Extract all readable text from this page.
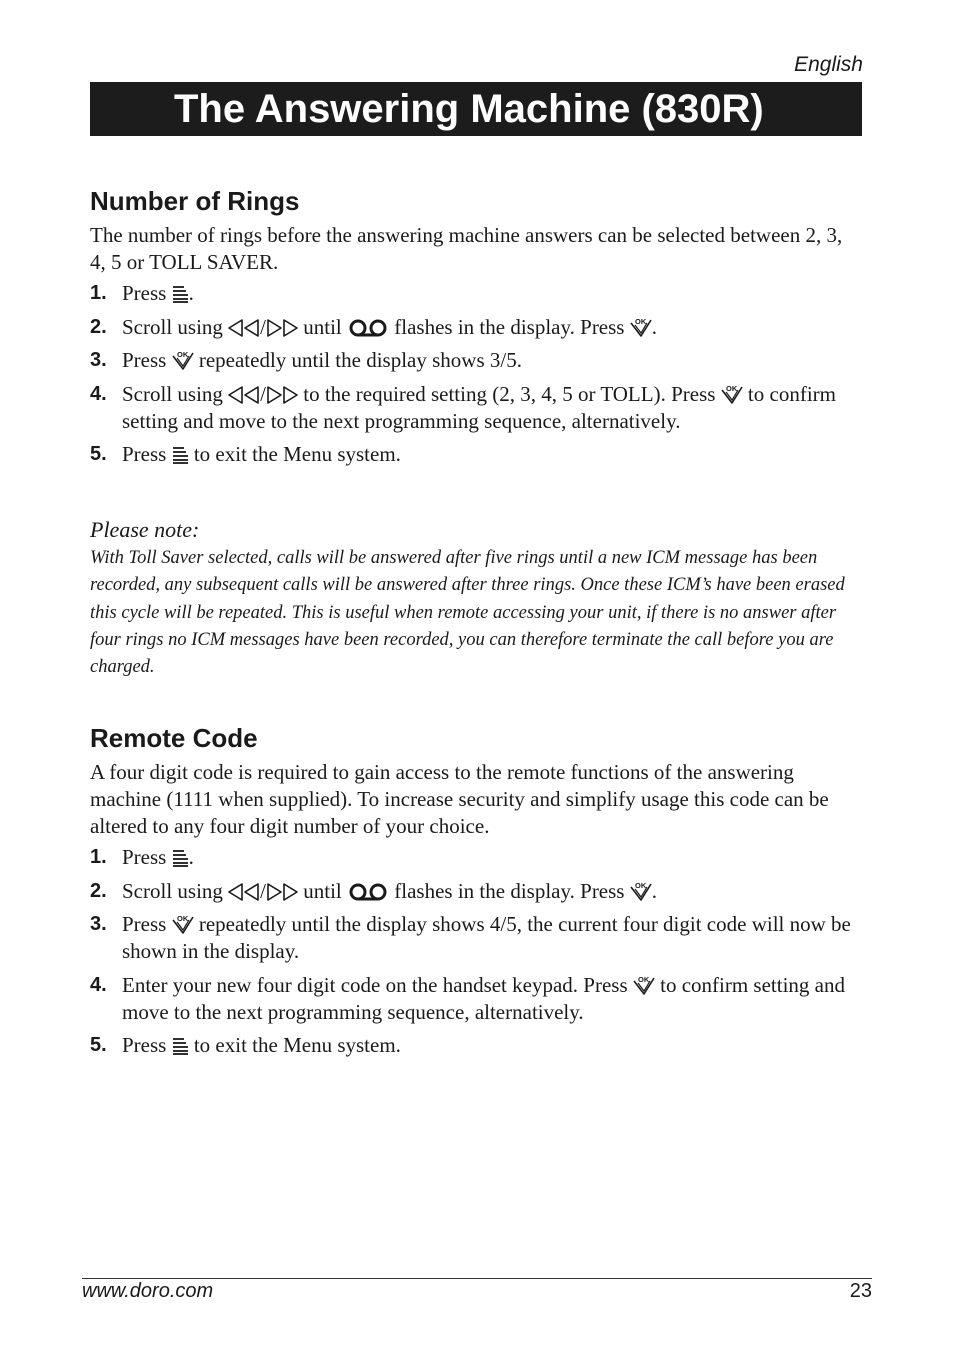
English
The Answering Machine (830R)
Number of Rings

The number of rings before the answering machine answers can be selected between 2, 3, 4, 5 or TOLL SAVER.

1. Press
.
2. Scroll using
/
until
flashes in the display. Press OK .
3. Press OK repeatedly until the display shows 3/5.
4. Scroll using
/
to the required setting (2, 3, 4, 5 or TOLL). Press OK to confirm setting and move to the next programming sequence, alternatively.
5. Press
to exit the Menu system.

Please note:

With Toll Saver selected, calls will be answered after five rings until a new ICM message has been recorded, any subsequent calls will be answered after three rings. Once these ICM’s have been erased this cycle will be repeated. This is useful when remote accessing your unit, if there is no answer after four rings no ICM messages have been recorded, you can therefore terminate the call before you are charged.

Remote Code

A four digit code is required to gain access to the remote functions of the answering machine (1111 when supplied). To increase security and simplify usage this code can be altered to any four digit number of your choice.

1. Press
.
2. Scroll using
/
until
flashes in the display. Press OK .
3. Press OK repeatedly until the display shows 4/5, the current four digit code will now be shown in the display.
4. Enter your new four digit code on the handset keypad. Press OK to confirm setting and move to the next programming sequence, alternatively.
5. Press
to exit the Menu system.
www.doro.com	23
